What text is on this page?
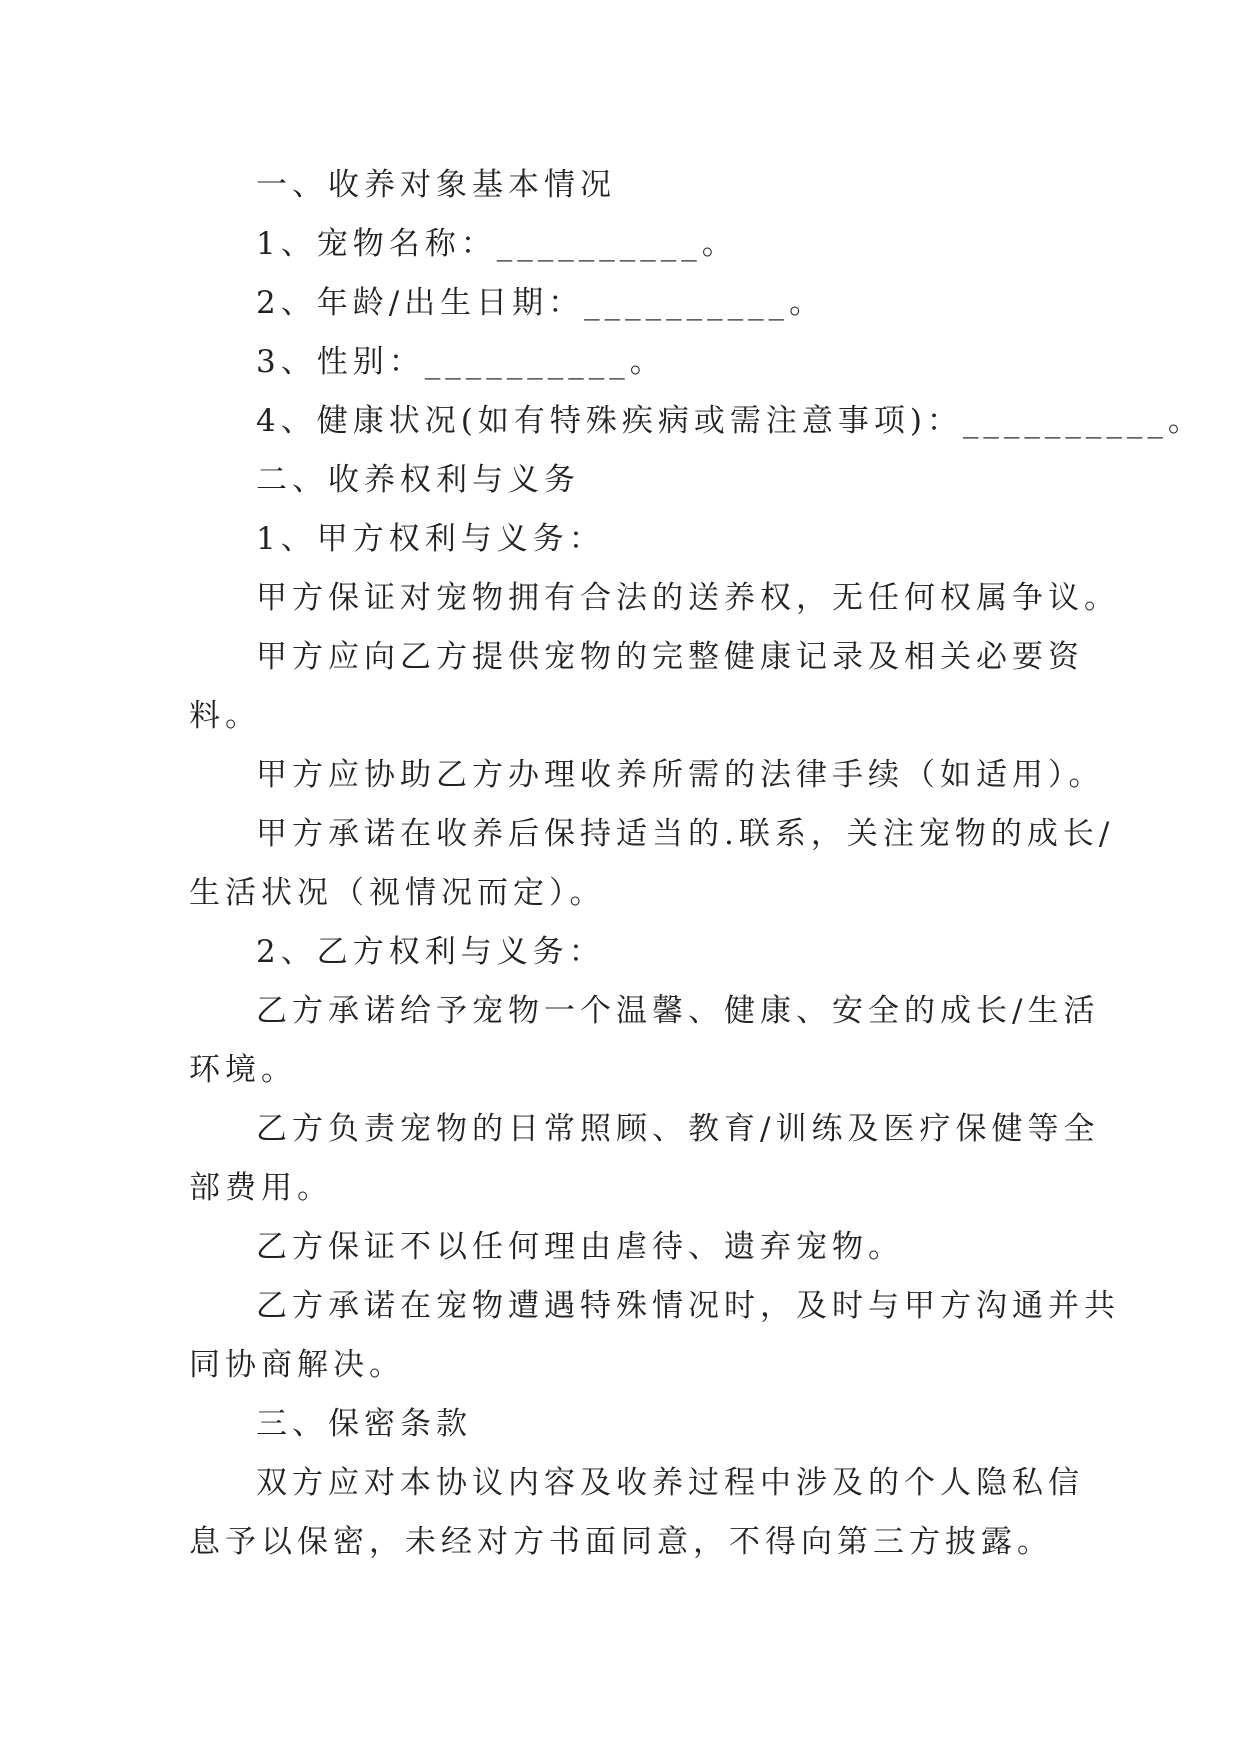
一、收养对象基本情况
1、宠物名称：__________。
2、年龄/出生日期：__________。
3、性别：__________。
4、健康状况(如有特殊疾病或需注意事项)：__________。
二、收养权利与义务
1、甲方权利与义务：
甲方保证对宠物拥有合法的送养权，无任何权属争议。
甲方应向乙方提供宠物的完整健康记录及相关必要资
料。
甲方应协助乙方办理收养所需的法律手续（如适用）。
甲方承诺在收养后保持适当的.联系，关注宠物的成长/
生活状况（视情况而定）。
2、乙方权利与义务：
乙方承诺给予宠物一个温馨、健康、安全的成长/生活
环境。
乙方负责宠物的日常照顾、教育/训练及医疗保健等全
部费用。
乙方保证不以任何理由虐待、遗弃宠物。
乙方承诺在宠物遭遇特殊情况时，及时与甲方沟通并共
同协商解决。
三、保密条款
双方应对本协议内容及收养过程中涉及的个人隐私信
息予以保密，未经对方书面同意，不得向第三方披露。
